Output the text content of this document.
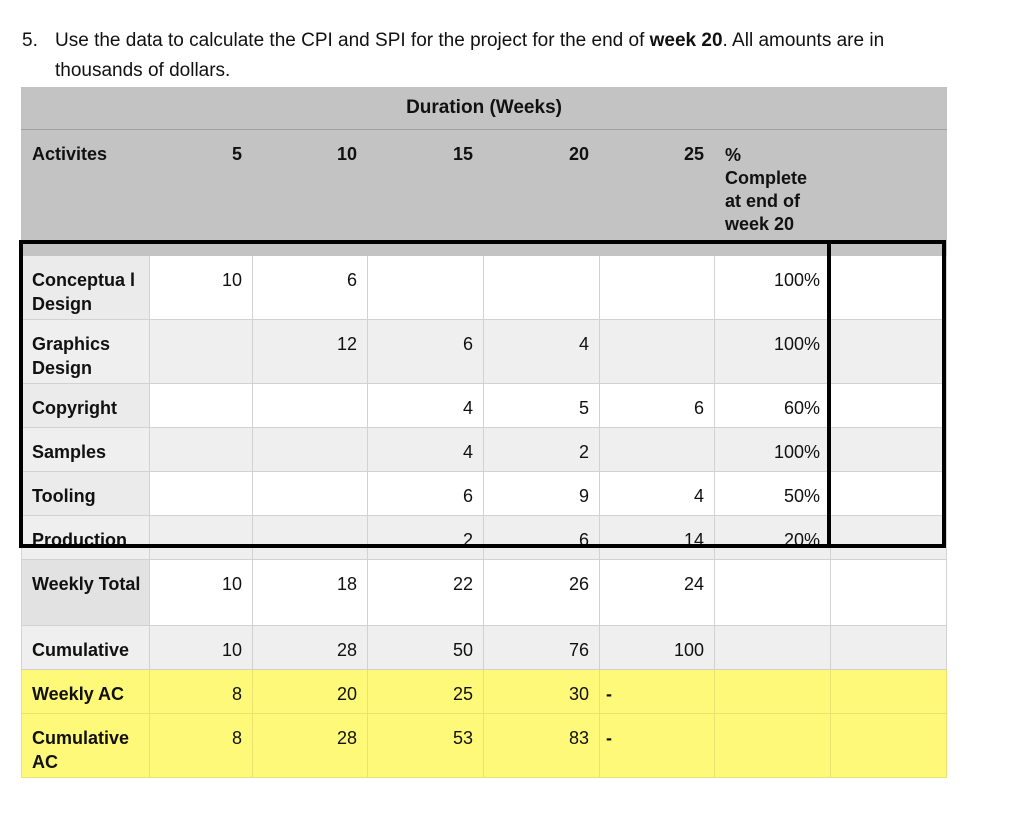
5. Use the data to calculate the CPI and SPI for the project for the end of week 20. All amounts are in thousands of dollars.
Duration (Weeks)							

Activites	5	10	15	20	25	%
Complete at end of week 20	

Conceptua l Design	10	6				100%	
Graphics Design		12	6	4		100%	
Copyright			4	5	6	60%	
Samples			4	2		100%	
Tooling			6	9	4	50%	
Production			2	6	14	20%	
Weekly Total	10	18	22	26	24		
Cumulative	10	28	50	76	100		
Weekly AC	8	20	25	30	-		
Cumulative AC	8	28	53	83	-		
